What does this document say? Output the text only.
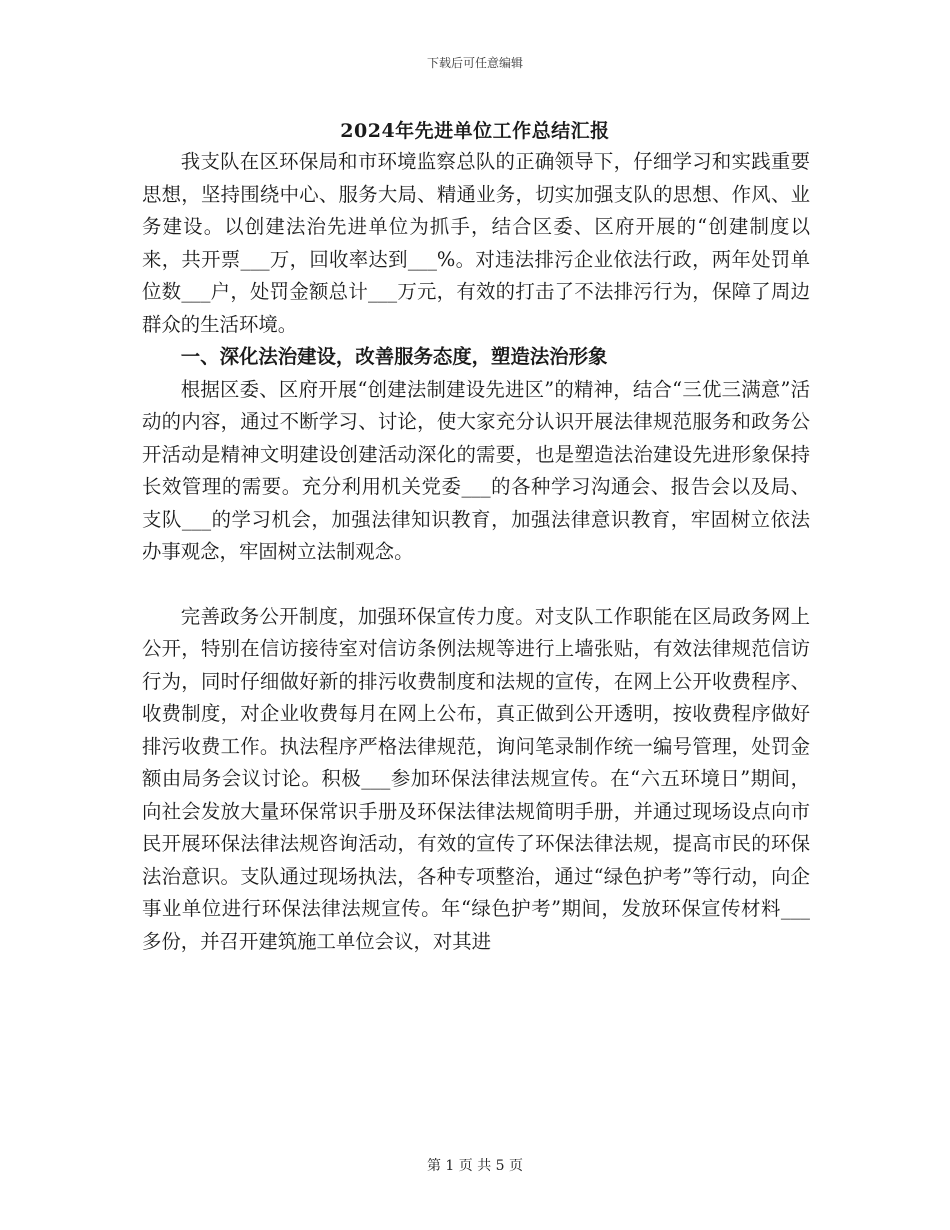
下载后可任意编辑
2024年先进单位工作总结汇报

我支队在区环保局和市环境监察总队的正确领导下，仔细学习和实践重要思想，坚持围绕中心、服务大局、精通业务，切实加强支队的思想、作风、业务建设。以创建法治先进单位为抓手，结合区委、区府开展的“创建制度以来，共开票___万，回收率达到___%。对违法排污企业依法行政，两年处罚单位数___户，处罚金额总计___万元，有效的打击了不法排污行为，保障了周边群众的生活环境。

一、深化法治建设，改善服务态度，塑造法治形象

根据区委、区府开展“创建法制建设先进区”的精神，结合“三优三满意”活动的内容，通过不断学习、讨论，使大家充分认识开展法律规范服务和政务公开活动是精神文明建设创建活动深化的需要，也是塑造法治建设先进形象保持长效管理的需要。充分利用机关党委___的各种学习沟通会、报告会以及局、支队___的学习机会，加强法律知识教育，加强法律意识教育，牢固树立依法办事观念，牢固树立法制观念。

完善政务公开制度，加强环保宣传力度。对支队工作职能在区局政务网上公开，特别在信访接待室对信访条例法规等进行上墙张贴，有效法律规范信访行为，同时仔细做好新的排污收费制度和法规的宣传，在网上公开收费程序、收费制度，对企业收费每月在网上公布，真正做到公开透明，按收费程序做好排污收费工作。执法程序严格法律规范，询问笔录制作统一编号管理，处罚金额由局务会议讨论。积极___参加环保法律法规宣传。在“六五环境日”期间，向社会发放大量环保常识手册及环保法律法规简明手册，并通过现场设点向市民开展环保法律法规咨询活动，有效的宣传了环保法律法规，提高市民的环保法治意识。支队通过现场执法，各种专项整治，通过“绿色护考”等行动，向企事业单位进行环保法律法规宣传。年“绿色护考”期间，发放环保宣传材料___多份，并召开建筑施工单位会议，对其进

第 1 页 共 5 页
